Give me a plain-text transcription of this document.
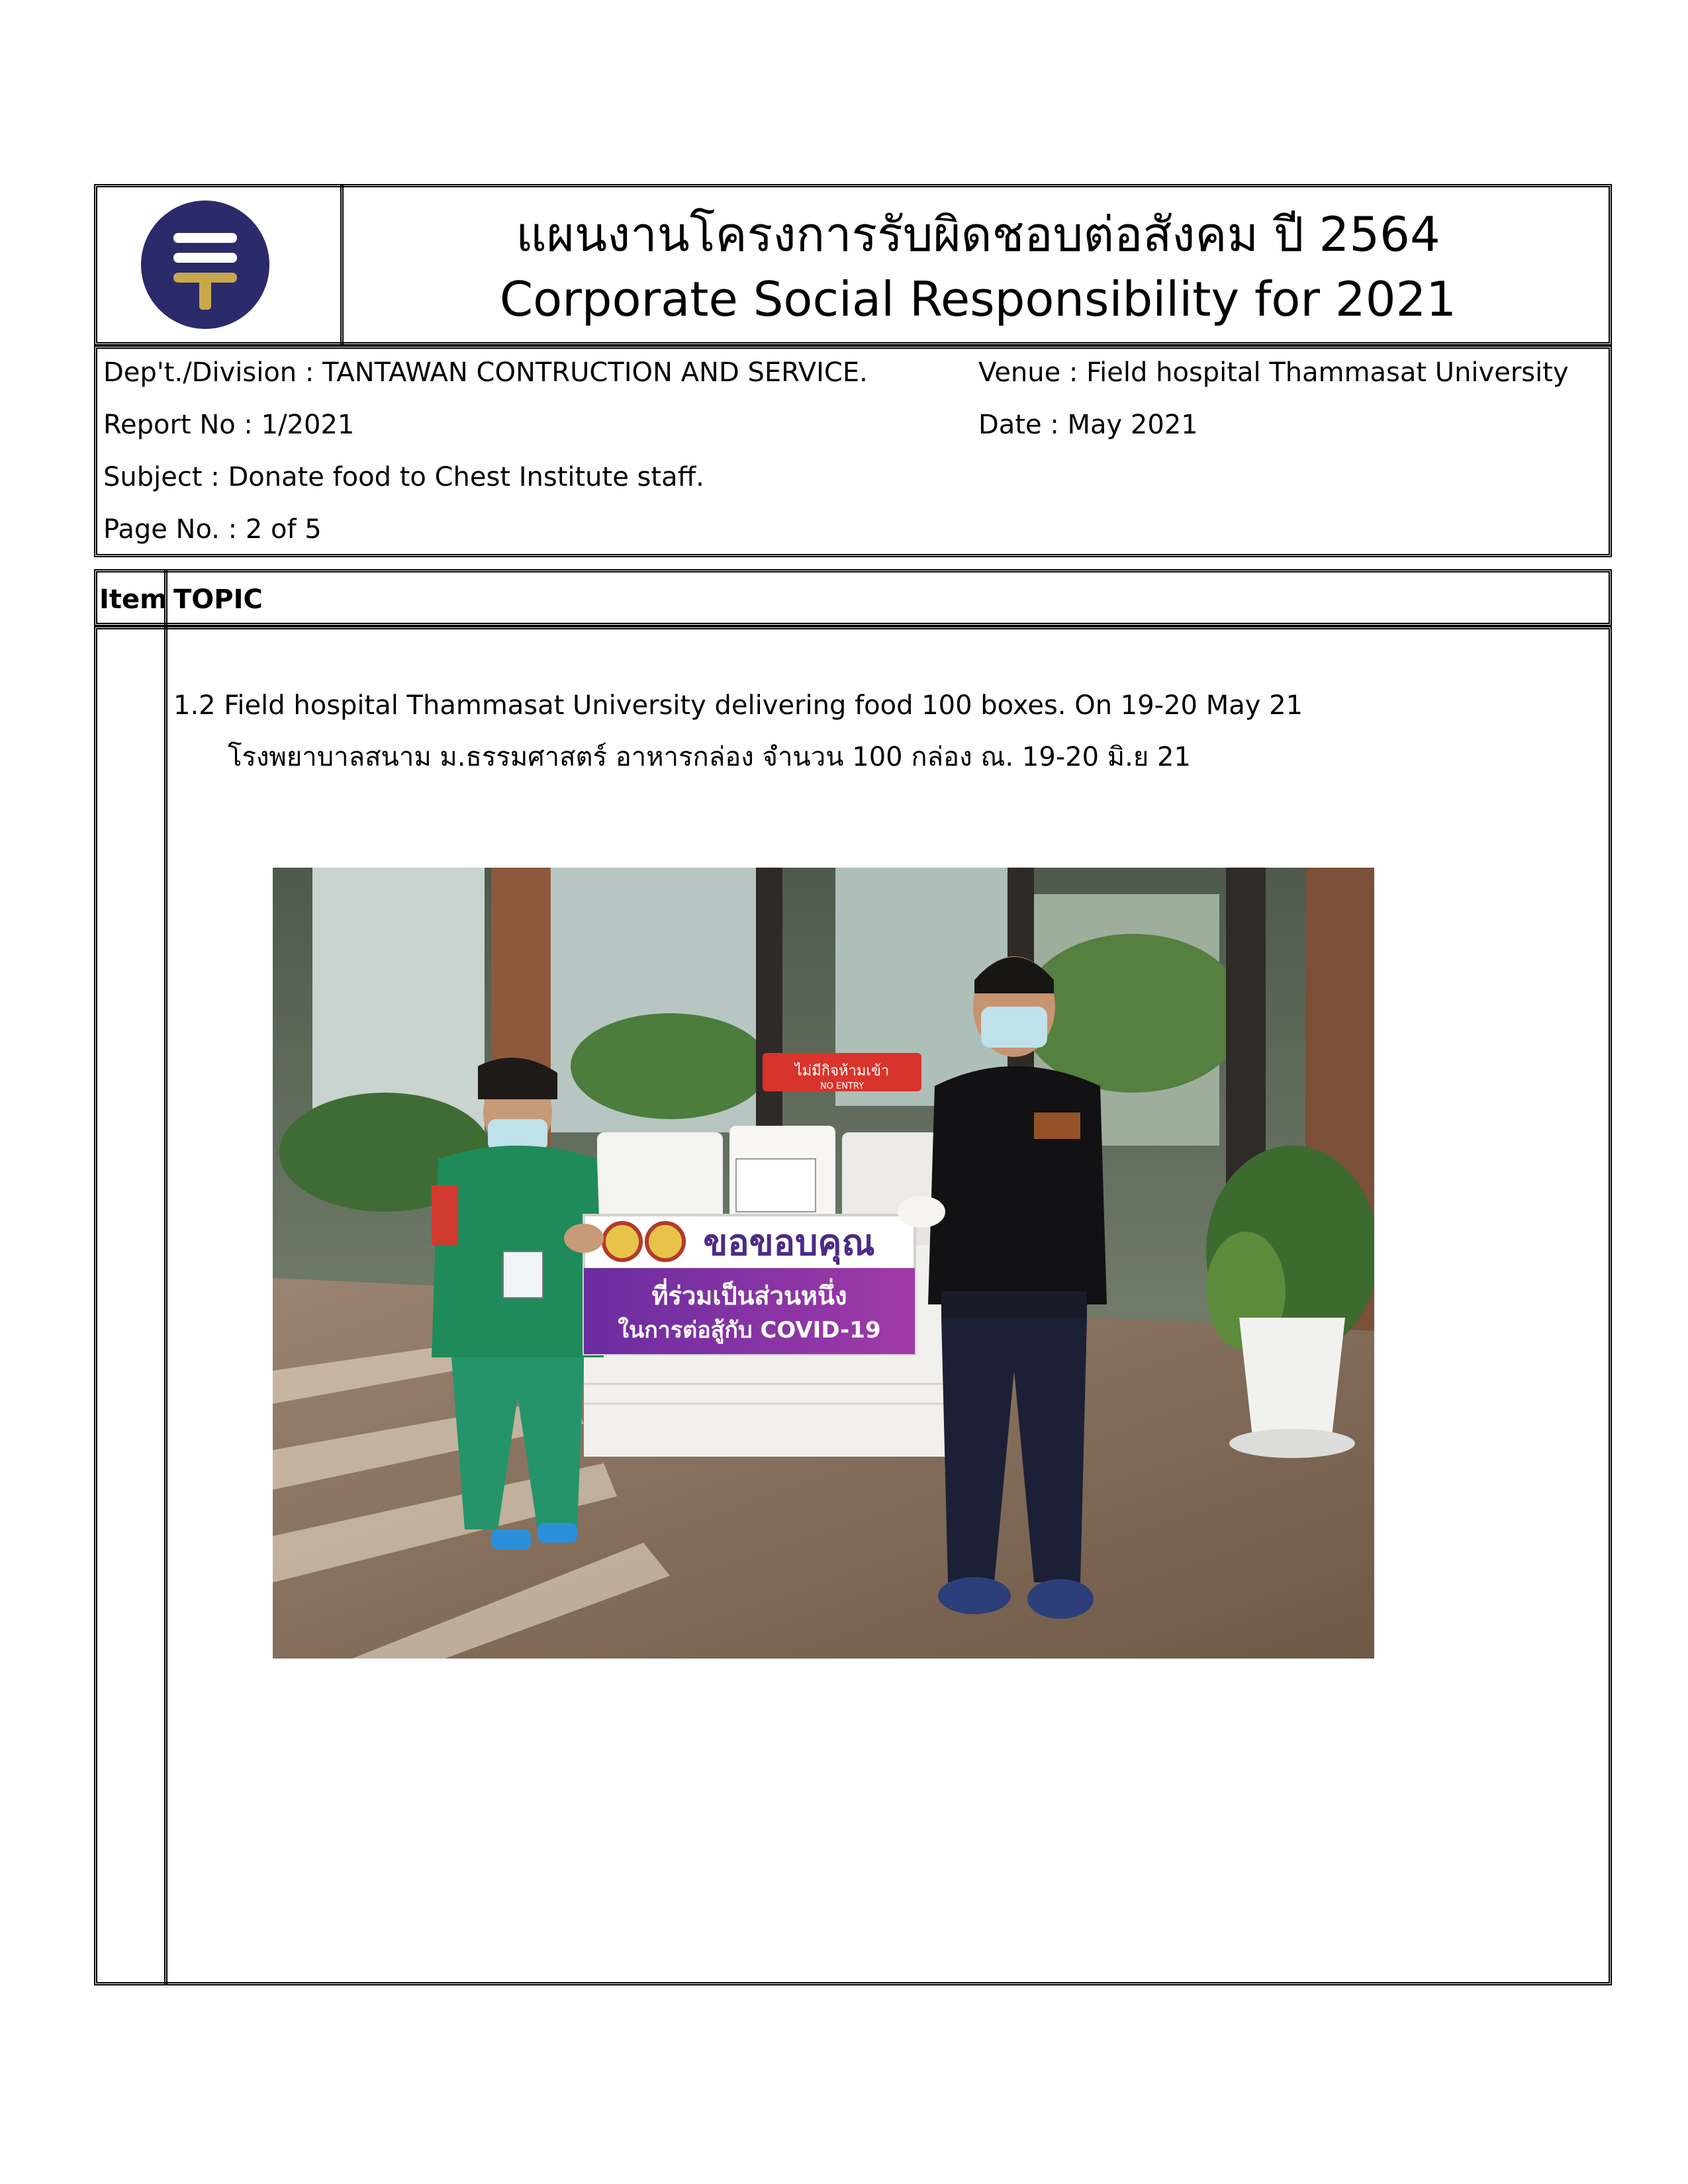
แผนงานโครงการรับผิดชอบต่อสังคม ปี 2564
Corporate Social Responsibility for 2021
Dep't./Division : TANTAWAN CONTRUCTION AND SERVICE.	Venue : Field hospital Thammasat University
Report No : 1/2021	Date : May 2021
Subject : Donate food to Chest Institute staff.
Page No. : 2 of 5
Item TOPIC
1.2 Field hospital Thammasat University delivering food 100 boxes. On 19-20 May 21
โรงพยาบาลสนาม ม.ธรรมศาสตร์ อาหารกล่อง จำนวน 100 กล่อง ณ. 19-20 มิ.ย 21
ไม่มีกิจห้ามเข้า
NO ENTRY
ขอขอบคุณ
ที่ร่วมเป็นส่วนหนึ่ง
ในการต่อสู้กับ COVID-19
